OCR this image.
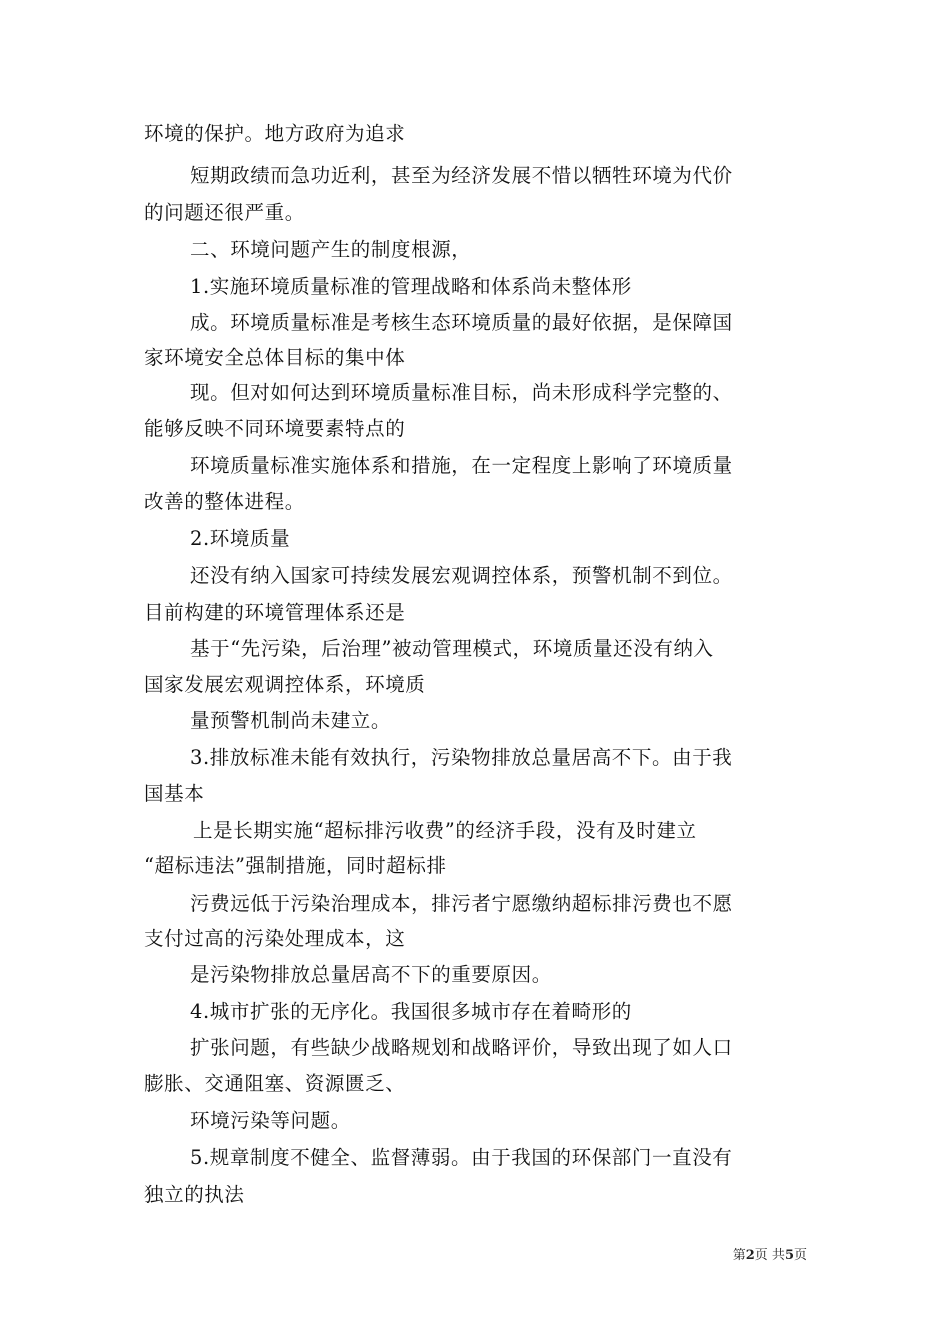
环境的保护。地方政府为追求
短期政绩而急功近利，甚至为经济发展不惜以牺牲环境为代价
的问题还很严重。
二、环境问题产生的制度根源，
1.实施环境质量标准的管理战略和体系尚未整体形
成。环境质量标准是考核生态环境质量的最好依据，是保障国
家环境安全总体目标的集中体
现。但对如何达到环境质量标准目标，尚未形成科学完整的、
能够反映不同环境要素特点的
环境质量标准实施体系和措施，在一定程度上影响了环境质量
改善的整体进程。
2.环境质量
还没有纳入国家可持续发展宏观调控体系，预警机制不到位。
目前构建的环境管理体系还是
基于“先污染，后治理”被动管理模式，环境质量还没有纳入
国家发展宏观调控体系，环境质
量预警机制尚未建立。
3.排放标准未能有效执行，污染物排放总量居高不下。由于我
国基本
上是长期实施“超标排污收费”的经济手段，没有及时建立
“超标违法”强制措施，同时超标排
污费远低于污染治理成本，排污者宁愿缴纳超标排污费也不愿
支付过高的污染处理成本，这
是污染物排放总量居高不下的重要原因。
4.城市扩张的无序化。我国很多城市存在着畸形的
扩张问题，有些缺少战略规划和战略评价，导致出现了如人口
膨胀、交通阻塞、资源匮乏、
环境污染等问题。
5.规章制度不健全、监督薄弱。由于我国的环保部门一直没有
独立的执法
第2页 共5页
